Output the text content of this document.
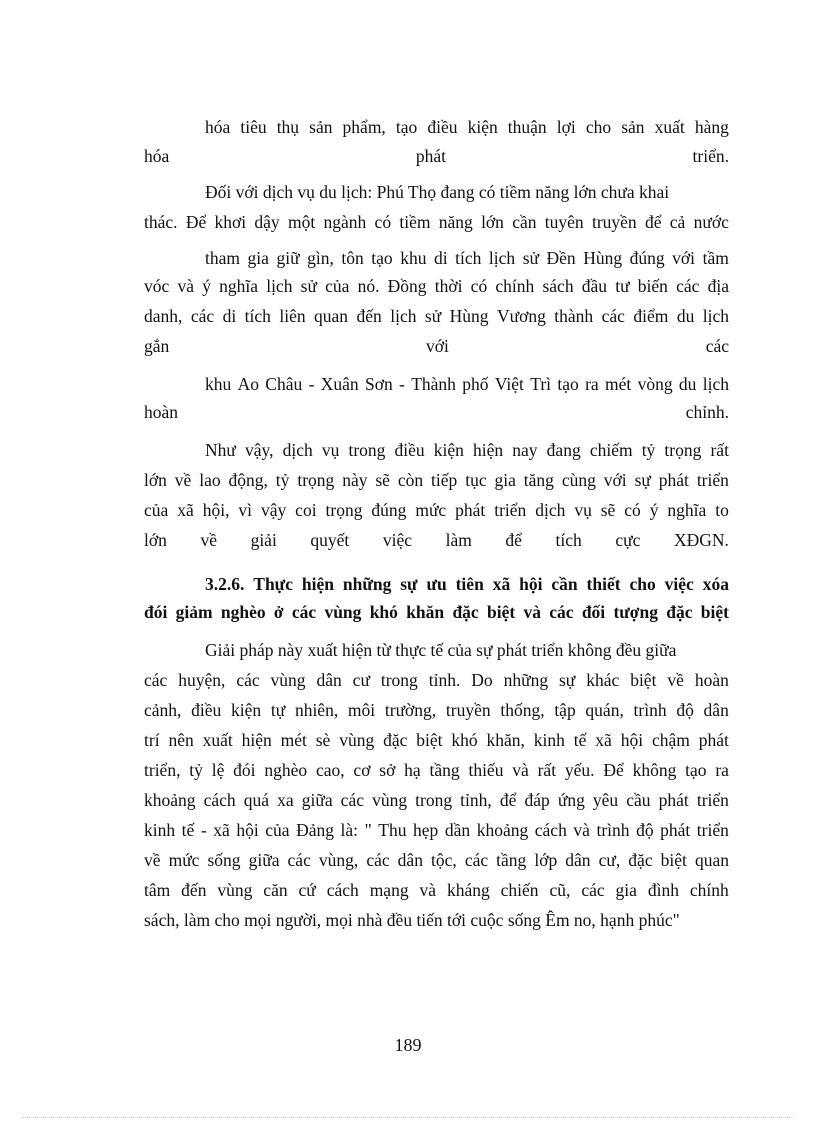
hóa tiêu thụ sản phẩm, tạo điều kiện thuận lợi cho sản xuất hàng
hóa	phát	triển.
Đối với dịch vụ du lịch: Phú Thọ đang có tiềm năng lớn chưa khai
thác. Để khơi dậy một ngành có tiềm năng lớn cần tuyên truyền để cả nước
tham gia giữ gìn, tôn tạo khu di tích lịch sử Đền Hùng đúng với tầm
vóc và ý nghĩa lịch sử của nó. Đồng thời có chính sách đầu tư biến các địa
danh, các di tích liên quan đến lịch sử Hùng Vương thành các điểm du lịch
gắn	với	các
khu Ao Châu - Xuân Sơn - Thành phố Việt Trì tạo ra mét vòng du lịch
hoàn	chỉnh.
Như vậy, dịch vụ trong điều kiện hiện nay đang chiếm tỷ trọng rất
lớn về lao động, tỷ trọng này sẽ còn tiếp tục gia tăng cùng với sự phát triển
của xã hội, vì vậy coi trọng đúng mức phát triển dịch vụ sẽ có ý nghĩa to
lớn về giải quyết việc làm để tích cực XĐGN.
3.2.6. Thực hiện những sự ưu tiên xã hội cần thiết cho việc xóa
đói giảm nghèo ở các vùng khó khăn đặc biệt và các đối tượng đặc biệt
Giải pháp này xuất hiện từ thực tế của sự phát triển không đều giữa
các huyện, các vùng dân cư trong tỉnh. Do những sự khác biệt về hoàn
cảnh, điều kiện tự nhiên, môi trường, truyền thống, tập quán, trình độ dân
trí nên xuất hiện mét sè vùng đặc biệt khó khăn, kinh tế xã hội chậm phát
triển, tỷ lệ đói nghèo cao, cơ sở hạ tầng thiếu và rất yếu. Để không tạo ra
khoảng cách quá xa giữa các vùng trong tỉnh, để đáp ứng yêu cầu phát triển
kinh tế - xã hội của Đảng là: " Thu hẹp dần khoảng cách và trình độ phát triển
về mức sống giữa các vùng, các dân tộc, các tầng lớp dân cư, đặc biệt quan
tâm đến vùng căn cứ cách mạng và kháng chiến cũ, các gia đình chính
sách, làm cho mọi người, mọi nhà đều tiến tới cuộc sống Êm no, hạnh phúc"
189
